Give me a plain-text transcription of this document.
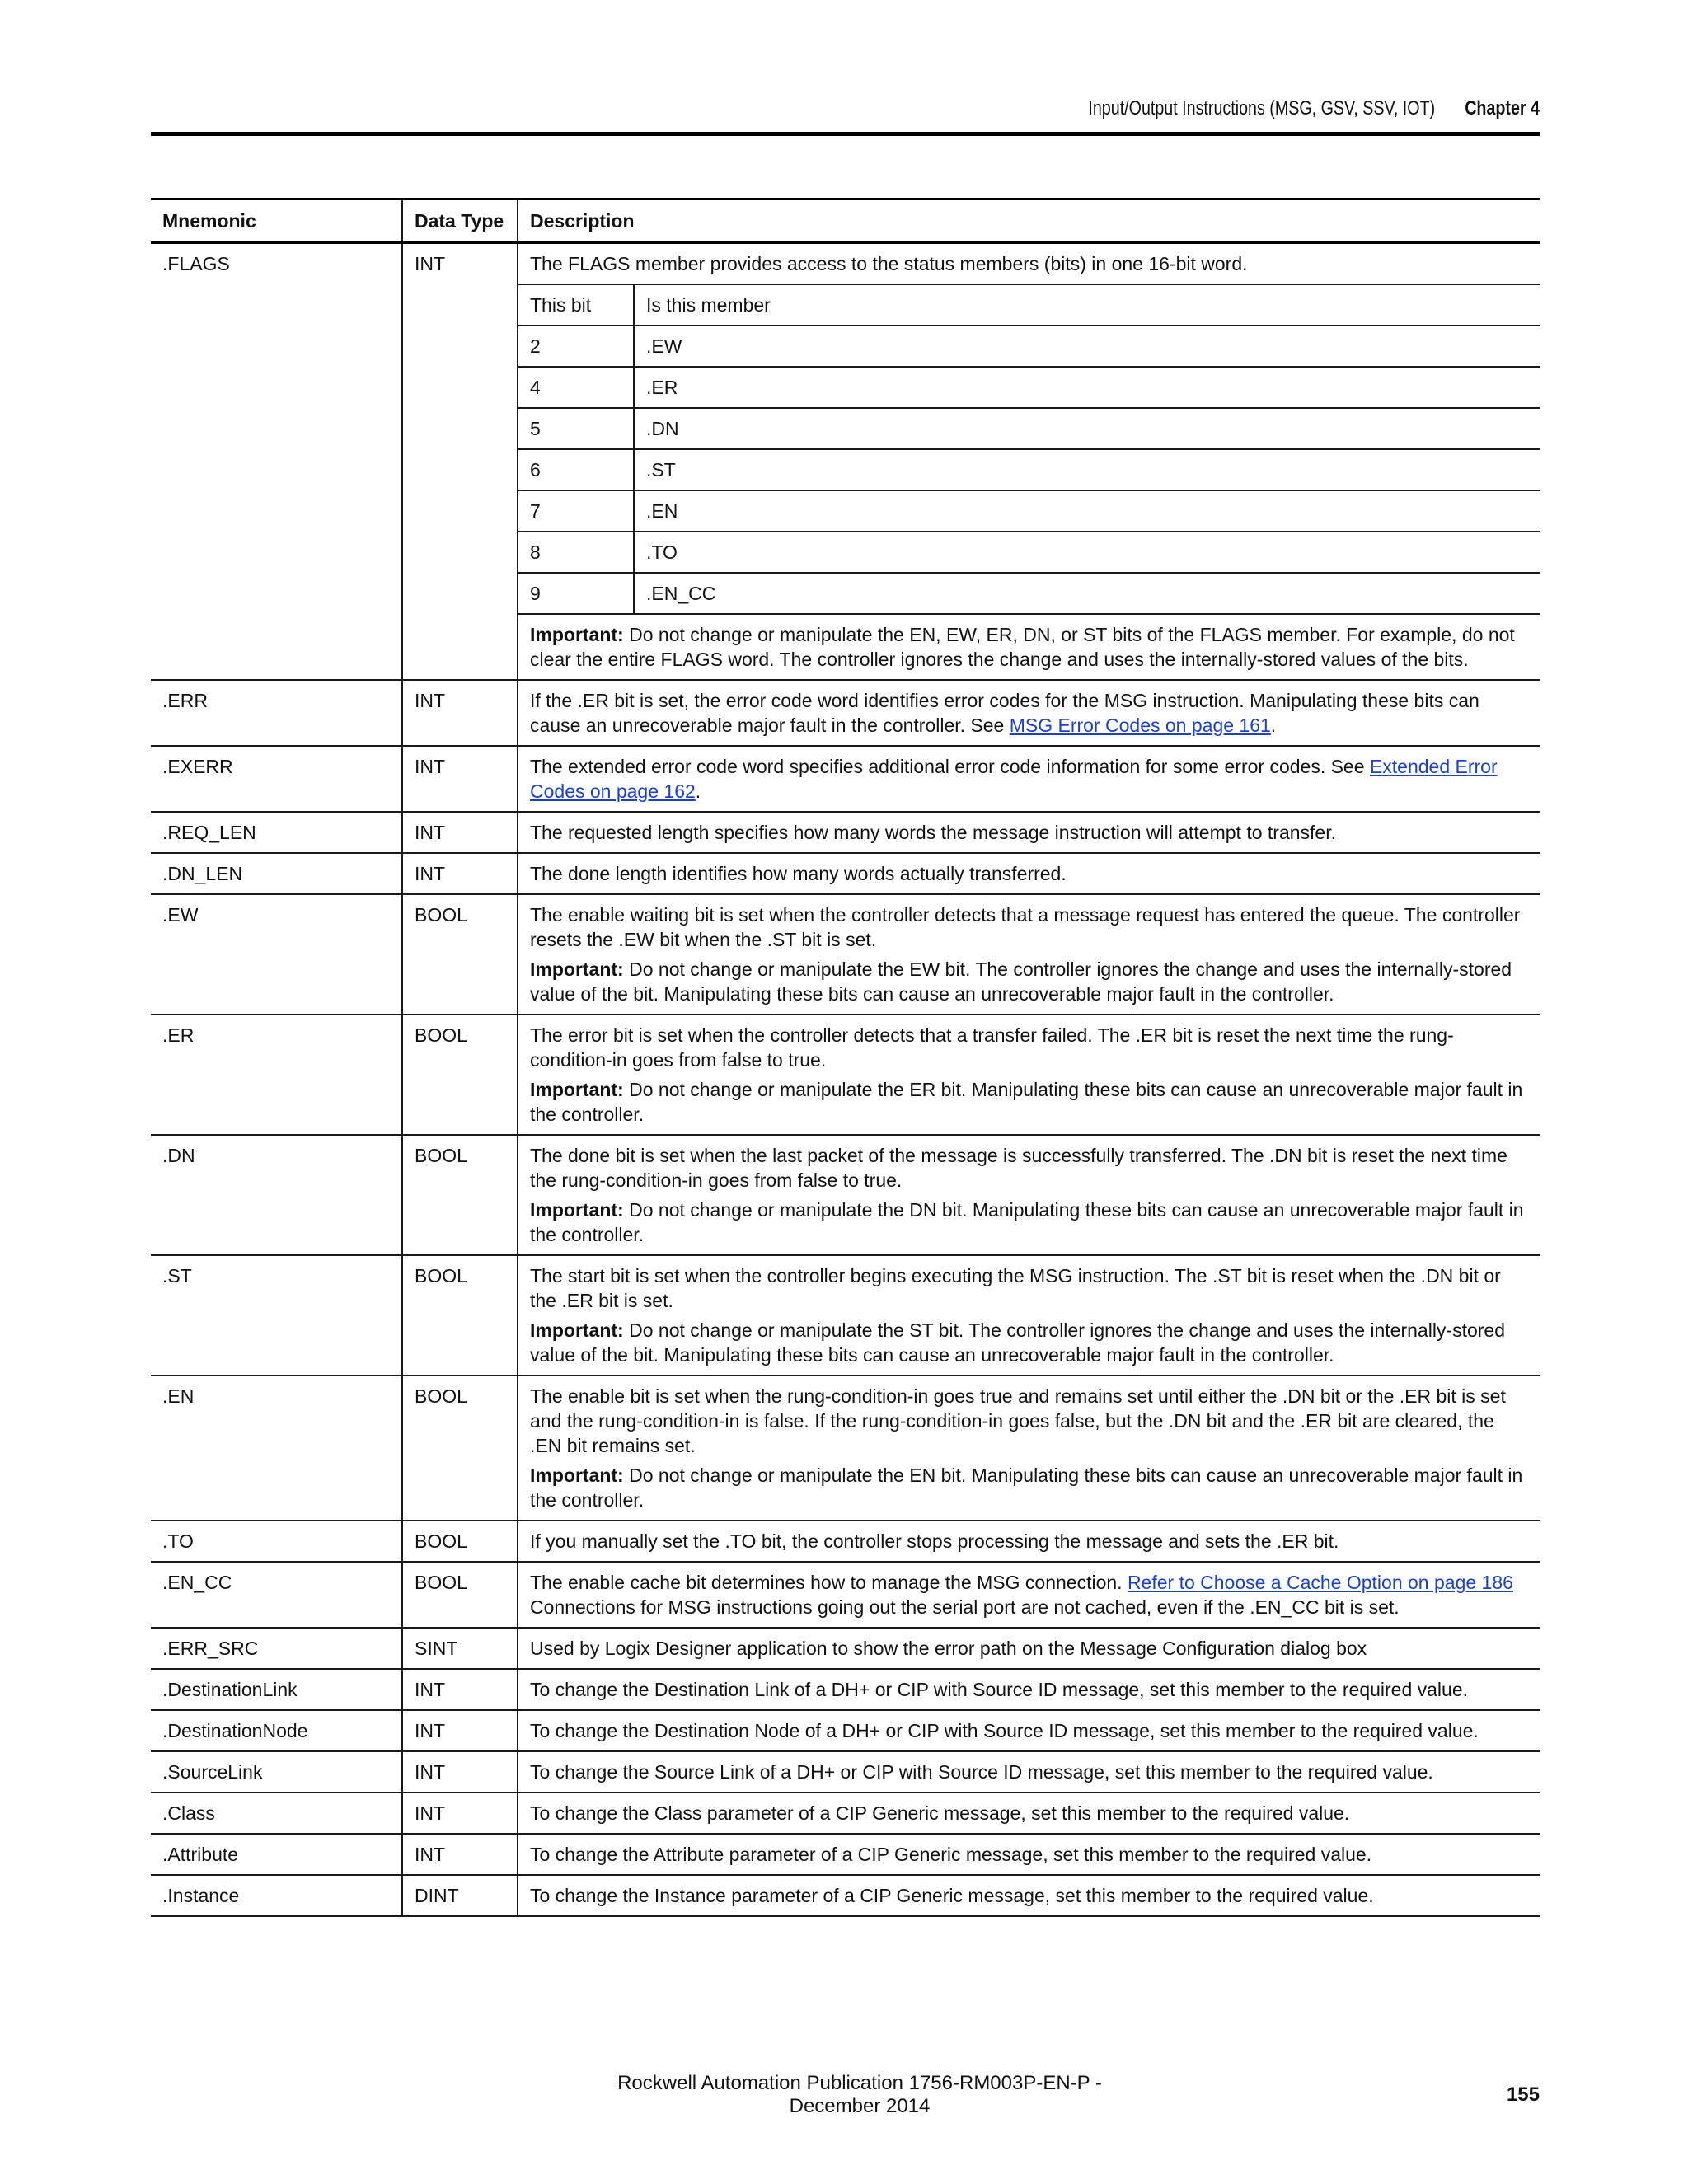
Input/Output Instructions (MSG, GSV, SSV, IOT) Chapter 4
Mnemonic	Data Type	Description
.FLAGS	INT	The FLAGS member provides access to the status members (bits) in one 16-bit word.
This bit	Is this member
2	.EW
4	.ER
5	.DN
6	.ST
7	.EN
8	.TO
9	.EN_CC
Important: Do not change or manipulate the EN, EW, ER, DN, or ST bits of the FLAGS member. For example, do not clear the entire FLAGS word. The controller ignores the change and uses the internally-stored values of the bits.

.ERR	INT	If the .ER bit is set, the error code word identifies error codes for the MSG instruction. Manipulating these bits can cause an unrecoverable major fault in the controller. See MSG Error Codes on page 161.
.EXERR	INT	The extended error code word specifies additional error code information for some error codes. See Extended Error Codes on page 162.
.REQ_LEN	INT	The requested length specifies how many words the message instruction will attempt to transfer.
.DN_LEN	INT	The done length identifies how many words actually transferred.
.EW	BOOL	The enable waiting bit is set when the controller detects that a message request has entered the queue. The controller resets the .EW bit when the .ST bit is set.
Important: Do not change or manipulate the EW bit. The controller ignores the change and uses the internally-stored value of the bit. Manipulating these bits can cause an unrecoverable major fault in the controller.

.ER	BOOL	The error bit is set when the controller detects that a transfer failed. The .ER bit is reset the next time the rung-condition-in goes from false to true.
Important: Do not change or manipulate the ER bit. Manipulating these bits can cause an unrecoverable major fault in the controller.

.DN	BOOL	The done bit is set when the last packet of the message is successfully transferred. The .DN bit is reset the next time the rung-condition-in goes from false to true.
Important: Do not change or manipulate the DN bit. Manipulating these bits can cause an unrecoverable major fault in the controller.

.ST	BOOL	The start bit is set when the controller begins executing the MSG instruction. The .ST bit is reset when the .DN bit or the .ER bit is set.
Important: Do not change or manipulate the ST bit. The controller ignores the change and uses the internally-stored value of the bit. Manipulating these bits can cause an unrecoverable major fault in the controller.

.EN	BOOL	The enable bit is set when the rung-condition-in goes true and remains set until either the .DN bit or the .ER bit is set and the rung-condition-in is false. If the rung-condition-in goes false, but the .DN bit and the .ER bit are cleared, the .EN bit remains set.
Important: Do not change or manipulate the EN bit. Manipulating these bits can cause an unrecoverable major fault in the controller.

.TO	BOOL	If you manually set the .TO bit, the controller stops processing the message and sets the .ER bit.
.EN_CC	BOOL	The enable cache bit determines how to manage the MSG connection. Refer to Choose a Cache Option on page 186 Connections for MSG instructions going out the serial port are not cached, even if the .EN_CC bit is set.
.ERR_SRC	SINT	Used by Logix Designer application to show the error path on the Message Configuration dialog box
.DestinationLink	INT	To change the Destination Link of a DH+ or CIP with Source ID message, set this member to the required value.
.DestinationNode	INT	To change the Destination Node of a DH+ or CIP with Source ID message, set this member to the required value.
.SourceLink	INT	To change the Source Link of a DH+ or CIP with Source ID message, set this member to the required value.
.Class	INT	To change the Class parameter of a CIP Generic message, set this member to the required value.
.Attribute	INT	To change the Attribute parameter of a CIP Generic message, set this member to the required value.
.Instance	DINT	To change the Instance parameter of a CIP Generic message, set this member to the required value.
Rockwell Automation Publication 1756-RM003P-EN-P - December 2014
155
